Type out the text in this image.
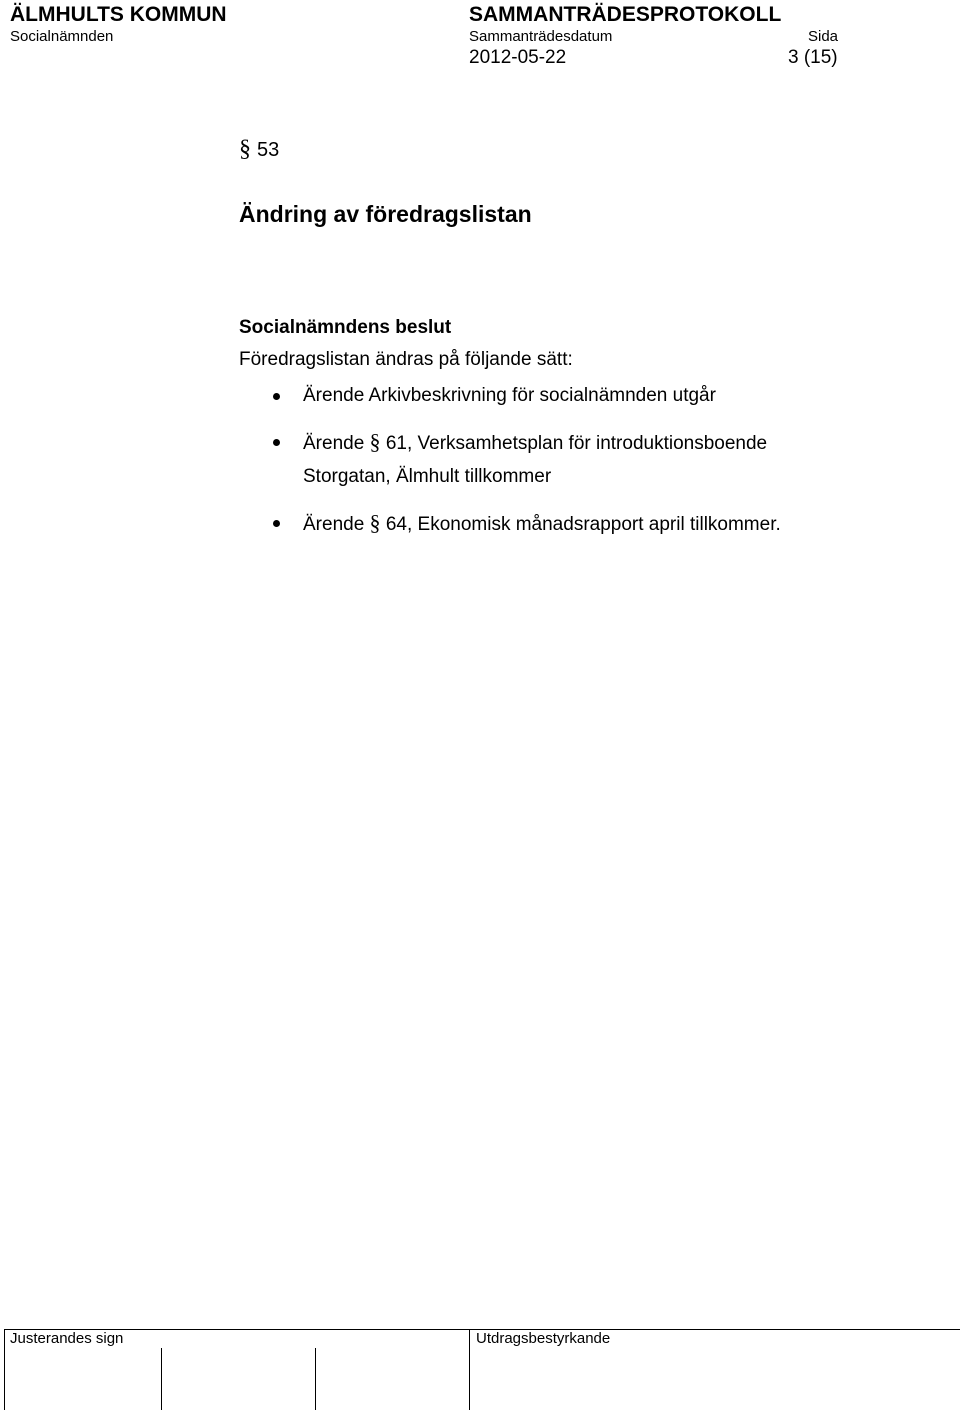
ÄLMHULTS KOMMUN	SAMMANTRÄDESPROTOKOLL
Socialnämnden	Sammanträdesdatum	Sida
2012-05-22	3 (15)
§ 53
Ändring av föredragslistan
Socialnämndens beslut
Föredragslistan ändras på följande sätt:
Ärende Arkivbeskrivning för socialnämnden utgår
Ärende § 61, Verksamhetsplan för introduktionsboende
Storgatan, Älmhult tillkommer
Ärende § 64, Ekonomisk månadsrapport april tillkommer.
Justerandes sign	Utdragsbestyrkande
